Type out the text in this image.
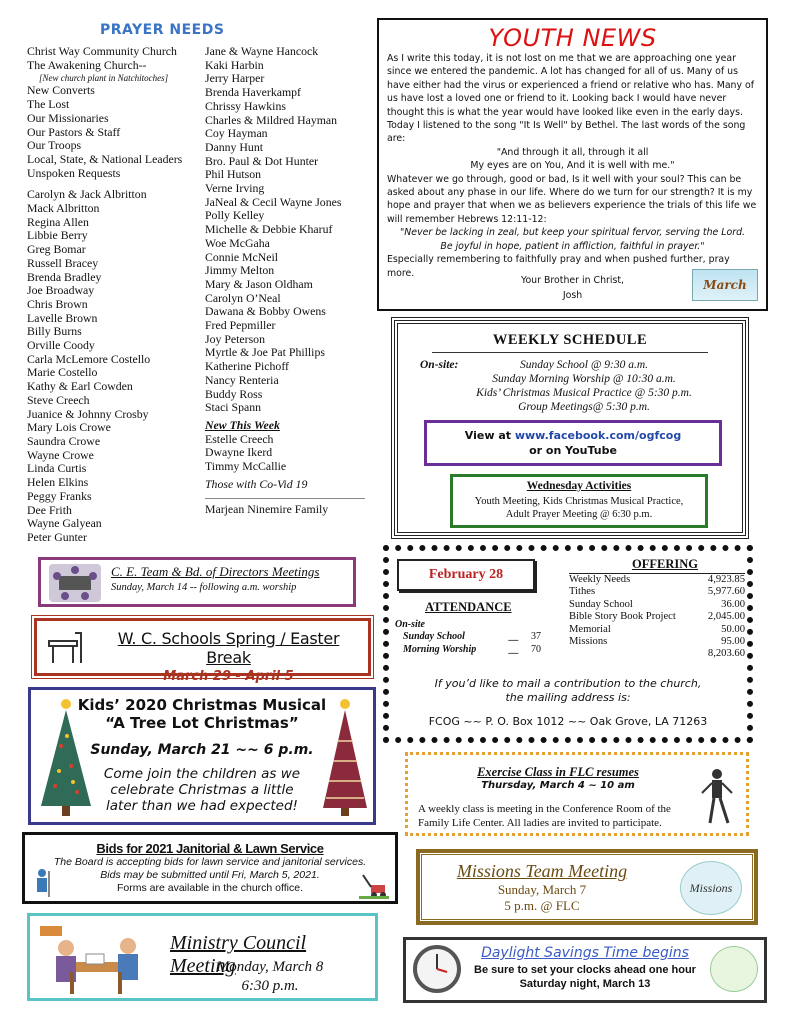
PRAYER NEEDS
Christ Way Community Church
The Awakening Church--
[New church plant in Natchitoches]
New Converts
The Lost
Our Missionaries
Our Pastors & Staff
Our Troops
Local, State, & National Leaders
Unspoken Requests
Carolyn & Jack Albritton
Mack Albritton
Regina Allen
Libbie Berry
Greg Bomar
Russell Bracey
Brenda Bradley
Joe Broadway
Chris Brown
Lavelle Brown
Billy Burns
Orville Coody
Carla McLemore Costello
Marie Costello
Kathy & Earl Cowden
Steve Creech
Juanice & Johnny Crosby
Mary Lois Crowe
Saundra Crowe
Wayne Crowe
Linda Curtis
Helen Elkins
Peggy Franks
Dee Frith
Wayne Galyean
Peter Gunter
Jane & Wayne Hancock
Kaki Harbin
Jerry Harper
Brenda Haverkampf
Chrissy Hawkins
Charles & Mildred Hayman
Coy Hayman
Danny Hunt
Bro. Paul & Dot Hunter
Phil Hutson
Verne Irving
JaNeal & Cecil Wayne Jones
Polly Kelley
Michelle & Debbie Kharuf
Woe McGaha
Connie McNeil
Jimmy Melton
Mary & Jason Oldham
Carolyn O’Neal
Dawana & Bobby Owens
Fred Pepmiller
Joy Peterson
Myrtle & Joe Pat Phillips
Katherine Pichoff
Nancy Renteria
Buddy Ross
Staci Spann
New This Week
Estelle Creech
Dwayne Ikerd
Timmy McCallie
Those with Co-Vid 19
Marjean Ninemire Family
YOUTH NEWS
As I write this today, it is not lost on me that we are approaching one year since we entered the pandemic. A lot has changed for all of us. Many of us have either had the virus or experienced a friend or relative who has. Many of us have lost a loved one or friend to it. Looking back I would have never thought this is what the year would have looked like even in the early days. Today I listened to the song "It Is Well" by Bethel. The last words of the song are:
"And through it all, through it all
My eyes are on You, And it is well with me."
Whatever we go through, good or bad, Is it well with your soul? This can be asked about any phase in our life. Where do we turn for our strength? It is my hope and prayer that when we as believers experience the trials of this life we will remember Hebrews 12:11-12:
"Never be lacking in zeal, but keep your spiritual fervor, serving the Lord.
Be joyful in hope, patient in affliction, faithful in prayer."
Especially remembering to faithfully pray and when pushed further, pray more.
Your Brother in Christ,
Josh
March
WEEKLY SCHEDULE
On-site:	Sunday School @ 9:30 a.m.
Sunday Morning Worship @ 10:30 a.m.
Kids’ Christmas Musical Practice @ 5:30 p.m.
Group Meetings@ 5:30 p.m.
View at www.facebook.com/ogfcog
or on YouTube
Wednesday Activities
Youth Meeting, Kids Christmas Musical Practice,
Adult Prayer Meeting @ 6:30 p.m.
February 28
ATTENDANCE
On-site
Sunday School	__	37
Morning Worship	__	70
OFFERING
Weekly Needs	4,923.85
Tithes	5,977.60
Sunday School	36.00
Bible Story Book Project	2,045.00
Memorial	50.00
Missions	95.00
8,203.60
If you’d like to mail a contribution to the church,
the mailing address is:
FCOG ~~ P. O. Box 1012 ~~ Oak Grove, LA 71263
C. E. Team & Bd. of Directors Meetings
Sunday, March 14 -- following a.m. worship
W. C. Schools Spring / Easter Break
March 29 - April 5
Kids’ 2020 Christmas Musical
“A Tree Lot Christmas”
Sunday, March 21 ~~ 6 p.m.
Come join the children as we celebrate Christmas a little later than we had expected!
Bids for 2021 Janitorial & Lawn Service
The Board is accepting bids for lawn service and janitorial services.
Bids may be submitted until Fri, March 5, 2021.
Forms are available in the church office.
Ministry Council Meeting
Monday, March 8
6:30 p.m.
Exercise Class in FLC resumes
Thursday, March 4 ~ 10 am
A weekly class is meeting in the Conference Room of the Family Life Center. All ladies are invited to participate.
Missions Team Meeting
Sunday, March 7
5 p.m. @ FLC
Missions
Daylight Savings Time begins
Be sure to set your clocks ahead one hour
Saturday night, March 13
